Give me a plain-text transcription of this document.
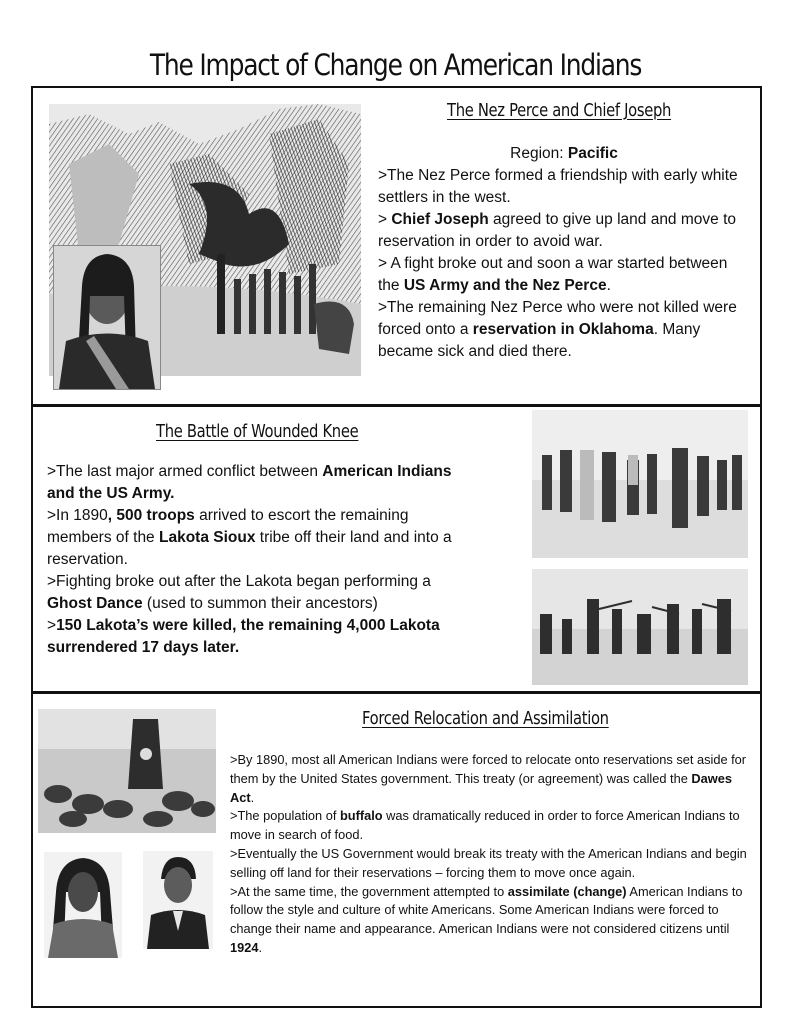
The Impact of Change on American Indians
The Nez Perce and Chief Joseph

Region: Pacific

>The Nez Perce formed a friendship with early white settlers in the west.

> Chief Joseph agreed to give up land and move to reservation in order to avoid war.

> A fight broke out and soon a war started between the US Army and the Nez Perce.

>The remaining Nez Perce who were not killed were forced onto a reservation in Oklahoma. Many became sick and died there.

The Battle of Wounded Knee

>The last major armed conflict between American Indians and the US Army.

>In 1890, 500 troops arrived to escort the remaining members of the Lakota Sioux tribe off their land and into a reservation.

>Fighting broke out after the Lakota began performing a Ghost Dance (used to summon their ancestors)

>150 Lakota’s were killed, the remaining 4,000 Lakota surrendered 17 days later.

Forced Relocation and Assimilation

>By 1890, most all American Indians were forced to relocate onto reservations set aside for them by the United States government. This treaty (or agreement) was called the Dawes Act.

>The population of buffalo was dramatically reduced in order to force American Indians to move in search of food.

>Eventually the US Government would break its treaty with the American Indians and begin selling off land for their reservations – forcing them to move once again.

>At the same time, the government attempted to assimilate (change) American Indians to follow the style and culture of white Americans. Some American Indians were forced to change their name and appearance. American Indians were not considered citizens until 1924.
